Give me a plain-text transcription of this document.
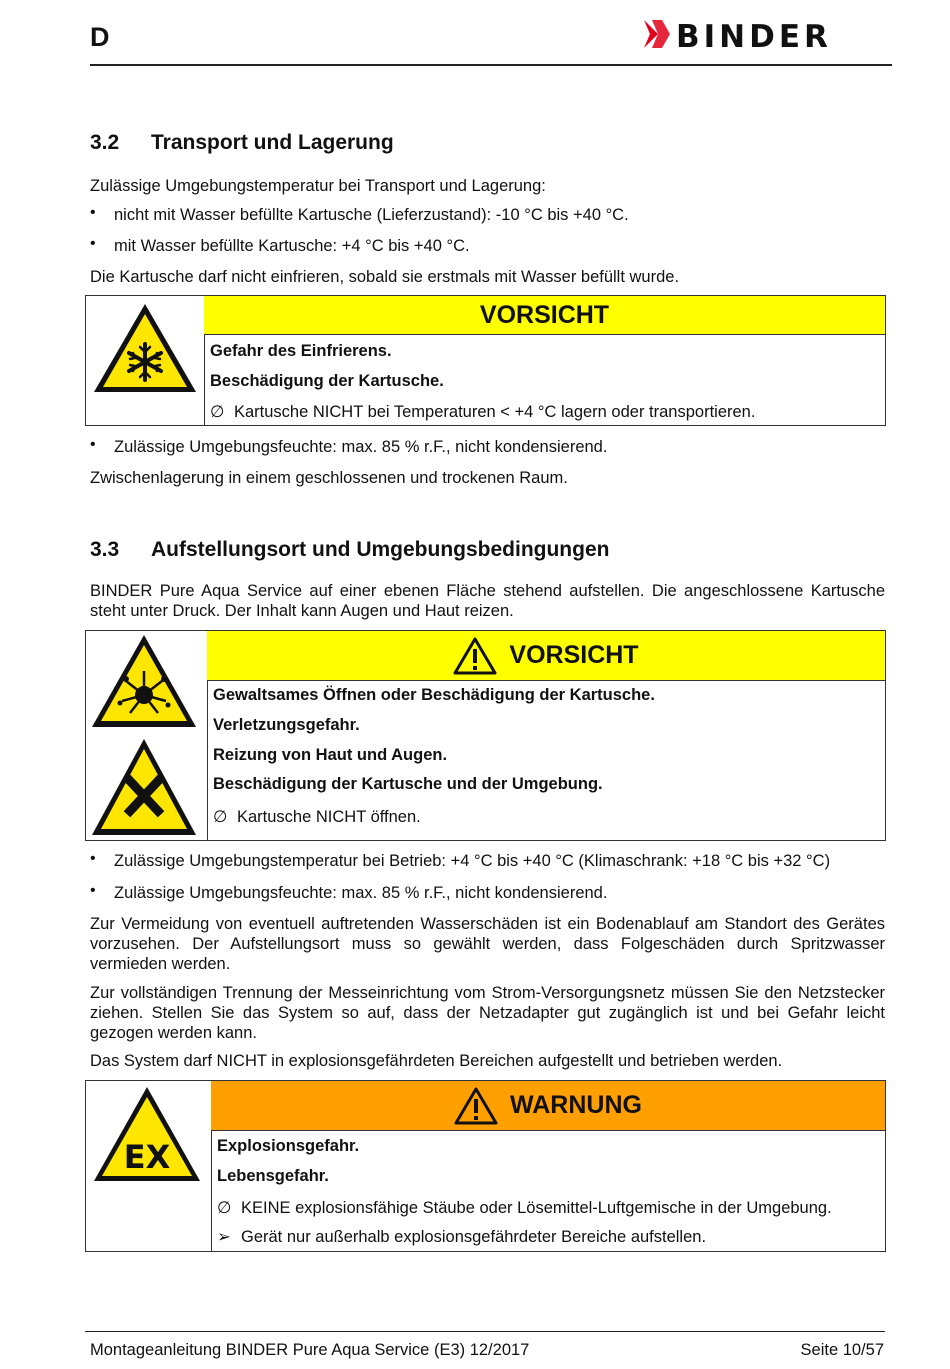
D	BINDER
3.2 Transport und Lagerung
Zulässige Umgebungstemperatur bei Transport und Lagerung:
• nicht mit Wasser befüllte Kartusche (Lieferzustand): -10 °C bis +40 °C.
• mit Wasser befüllte Kartusche: +4 °C bis +40 °C.
Die Kartusche darf nicht einfrieren, sobald sie erstmals mit Wasser befüllt wurde.
VORSICHT
Gefahr des Einfrierens.
Beschädigung der Kartusche.
∅ Kartusche NICHT bei Temperaturen < +4 °C lagern oder transportieren.
• Zulässige Umgebungsfeuchte: max. 85 % r.F., nicht kondensierend.
Zwischenlagerung in einem geschlossenen und trockenen Raum.
3.3 Aufstellungsort und Umgebungsbedingungen
BINDER Pure Aqua Service auf einer ebenen Fläche stehend aufstellen. Die angeschlossene Kartusche steht unter Druck. Der Inhalt kann Augen und Haut reizen.
VORSICHT
Gewaltsames Öffnen oder Beschädigung der Kartusche.
Verletzungsgefahr.
Reizung von Haut und Augen.
Beschädigung der Kartusche und der Umgebung.
∅ Kartusche NICHT öffnen.
• Zulässige Umgebungstemperatur bei Betrieb: +4 °C bis +40 °C (Klimaschrank: +18 °C bis +32 °C)
• Zulässige Umgebungsfeuchte: max. 85 % r.F., nicht kondensierend.
Zur Vermeidung von eventuell auftretenden Wasserschäden ist ein Bodenablauf am Standort des Gerätes vorzusehen. Der Aufstellungsort muss so gewählt werden, dass Folgeschäden durch Spritzwasser vermieden werden.
Zur vollständigen Trennung der Messeinrichtung vom Strom-Versorgungsnetz müssen Sie den Netzstecker ziehen. Stellen Sie das System so auf, dass der Netzadapter gut zugänglich ist und bei Gefahr leicht gezogen werden kann.
Das System darf NICHT in explosionsgefährdeten Bereichen aufgestellt und betrieben werden.
EX
WARNUNG
Explosionsgefahr.
Lebensgefahr.
∅ KEINE explosionsfähige Stäube oder Lösemittel-Luftgemische in der Umgebung.
➢ Gerät nur außerhalb explosionsgefährdeter Bereiche aufstellen.
Montageanleitung BINDER Pure Aqua Service (E3) 12/2017	Seite 10/57
